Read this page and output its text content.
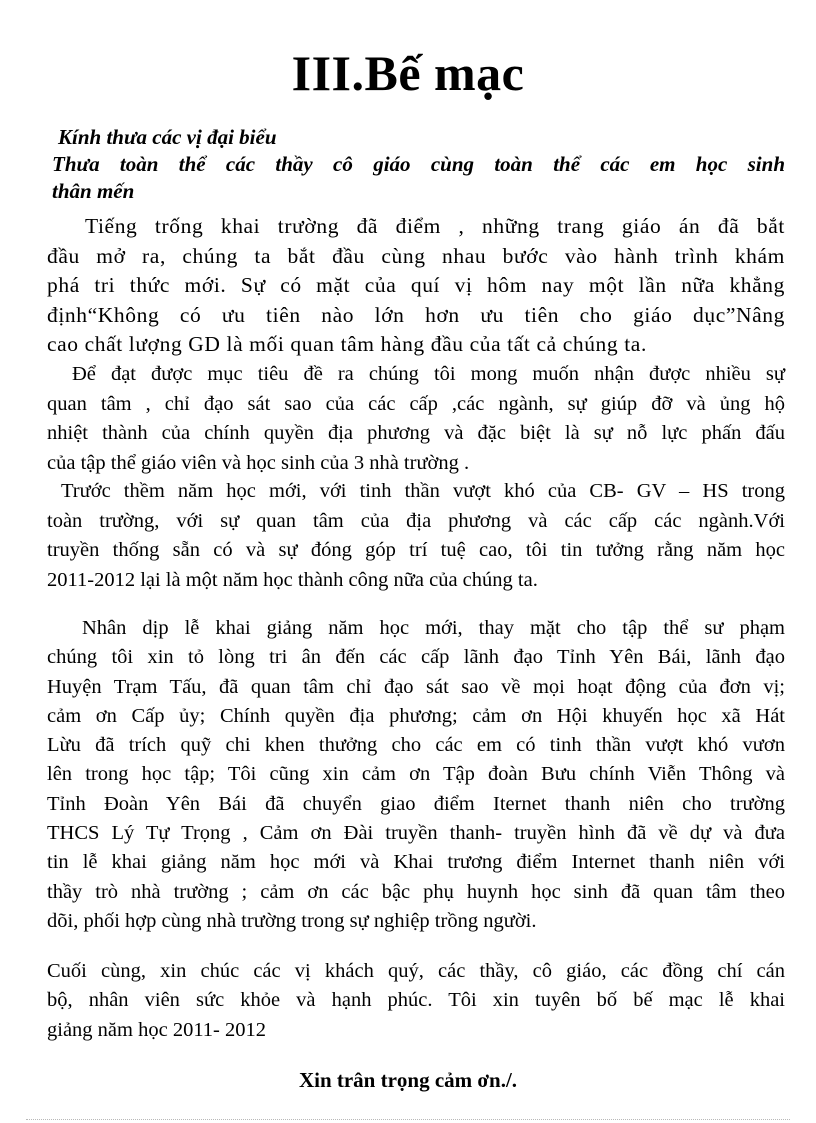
III.Bế mạc
Kính thưa các vị đại biểu
Thưa toàn thể các thầy cô giáo cùng toàn thể các em học sinh
thân mến
Tiếng trống khai trường đã điểm , những trang giáo án đã bắt
đầu mở ra, chúng ta bắt đầu cùng nhau bước vào hành trình khám
phá tri thức mới. Sự có mặt của quí vị hôm nay một lần nữa khẳng
định“Không có ưu tiên nào lớn hơn ưu tiên cho giáo dục”Nâng
cao chất lượng GD là mối quan tâm hàng đầu của tất cả chúng ta.
Để đạt được mục tiêu đề ra chúng tôi mong muốn nhận được nhiều sự
quan tâm , chỉ đạo sát sao của các cấp ,các ngành, sự giúp đỡ và ủng hộ
nhiệt thành của chính quyền địa phương và đặc biệt là sự nỗ lực phấn đấu
của tập thể giáo viên và học sinh của 3 nhà trường .
Trước thềm năm học mới, với tinh thần vượt khó của CB- GV – HS trong
toàn trường, với sự quan tâm của địa phương và các cấp các ngành.Với
truyền thống sẵn có và sự đóng góp trí tuệ cao, tôi tin tưởng rằng năm học
2011-2012 lại là một năm học thành công nữa của chúng ta.
Nhân dịp lễ khai giảng năm học mới, thay mặt cho tập thể sư phạm
chúng tôi xin tỏ lòng tri ân đến các cấp lãnh đạo Tỉnh Yên Bái, lãnh đạo
Huyện Trạm Tấu, đã quan tâm chỉ đạo sát sao về mọi hoạt động của đơn vị;
cảm ơn Cấp ủy; Chính quyền địa phương; cảm ơn Hội khuyến học xã Hát
Lừu đã trích quỹ chi khen thưởng cho các em có tinh thần vượt khó vươn
lên trong học tập; Tôi cũng xin cảm ơn Tập đoàn Bưu chính Viễn Thông và
Tỉnh Đoàn Yên Bái đã chuyển giao điểm Iternet thanh niên cho trường
THCS Lý Tự Trọng , Cảm ơn Đài truyền thanh- truyền hình đã về dự và đưa
tin lễ khai giảng năm học mới và Khai trương điểm Internet thanh niên với
thầy trò nhà trường ; cảm ơn các bậc phụ huynh học sinh đã quan tâm theo
dõi, phối hợp cùng nhà trường trong sự nghiệp trồng người.
Cuối cùng, xin chúc các vị khách quý, các thầy, cô giáo, các đồng chí cán
bộ, nhân viên sức khỏe và hạnh phúc. Tôi xin tuyên bố bế mạc lễ khai
giảng năm học 2011- 2012
Xin trân trọng cảm ơn./.
